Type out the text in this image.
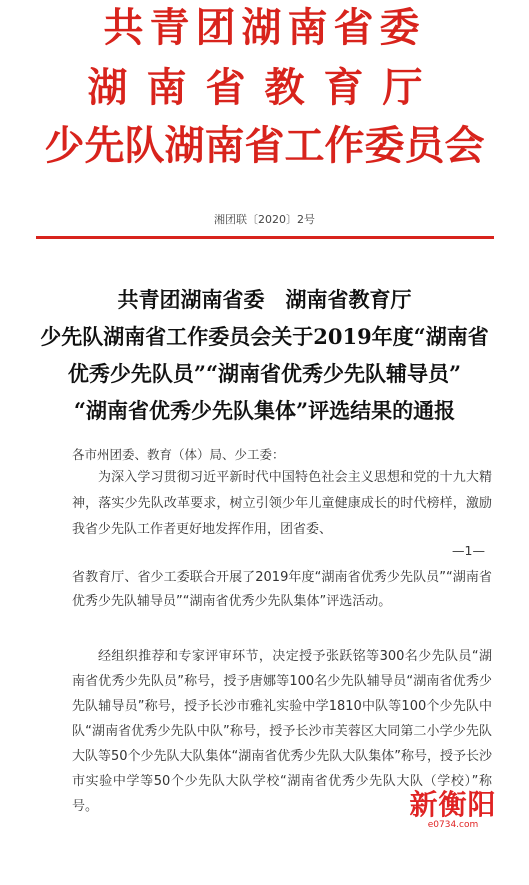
共青团湖南省委
湖南省教育厅
少先队湖南省工作委员会
湘团联〔2020〕2号
共青团湖南省委　湖南省教育厅
少先队湖南省工作委员会关于2019年度“湖南省
优秀少先队员”“湖南省优秀少先队辅导员”
“湖南省优秀少先队集体”评选结果的通报
各市州团委、教育（体）局、少工委：

为深入学习贯彻习近平新时代中国特色社会主义思想和党的十九大精神，落实少先队改革要求，树立引领少年儿童健康成长的时代榜样，激励我省少先队工作者更好地发挥作用，团省委、

—1—

省教育厅、省少工委联合开展了2019年度“湖南省优秀少先队员”“湖南省优秀少先队辅导员”“湖南省优秀少先队集体”评选活动。

经组织推荐和专家评审环节，决定授予张跃铭等300名少先队员“湖南省优秀少先队员”称号，授予唐娜等100名少先队辅导员“湖南省优秀少先队辅导员”称号，授予长沙市雅礼实验中学1810中队等100个少先队中队“湖南省优秀少先队中队”称号，授予长沙市芙蓉区大同第二小学少先队大队等50个少先队大队集体“湖南省优秀少先队大队集体”称号，授予长沙市实验中学等50个少先队大队学校“湖南省优秀少先队大队（学校）”称号。	新衡阳
e0734.com
